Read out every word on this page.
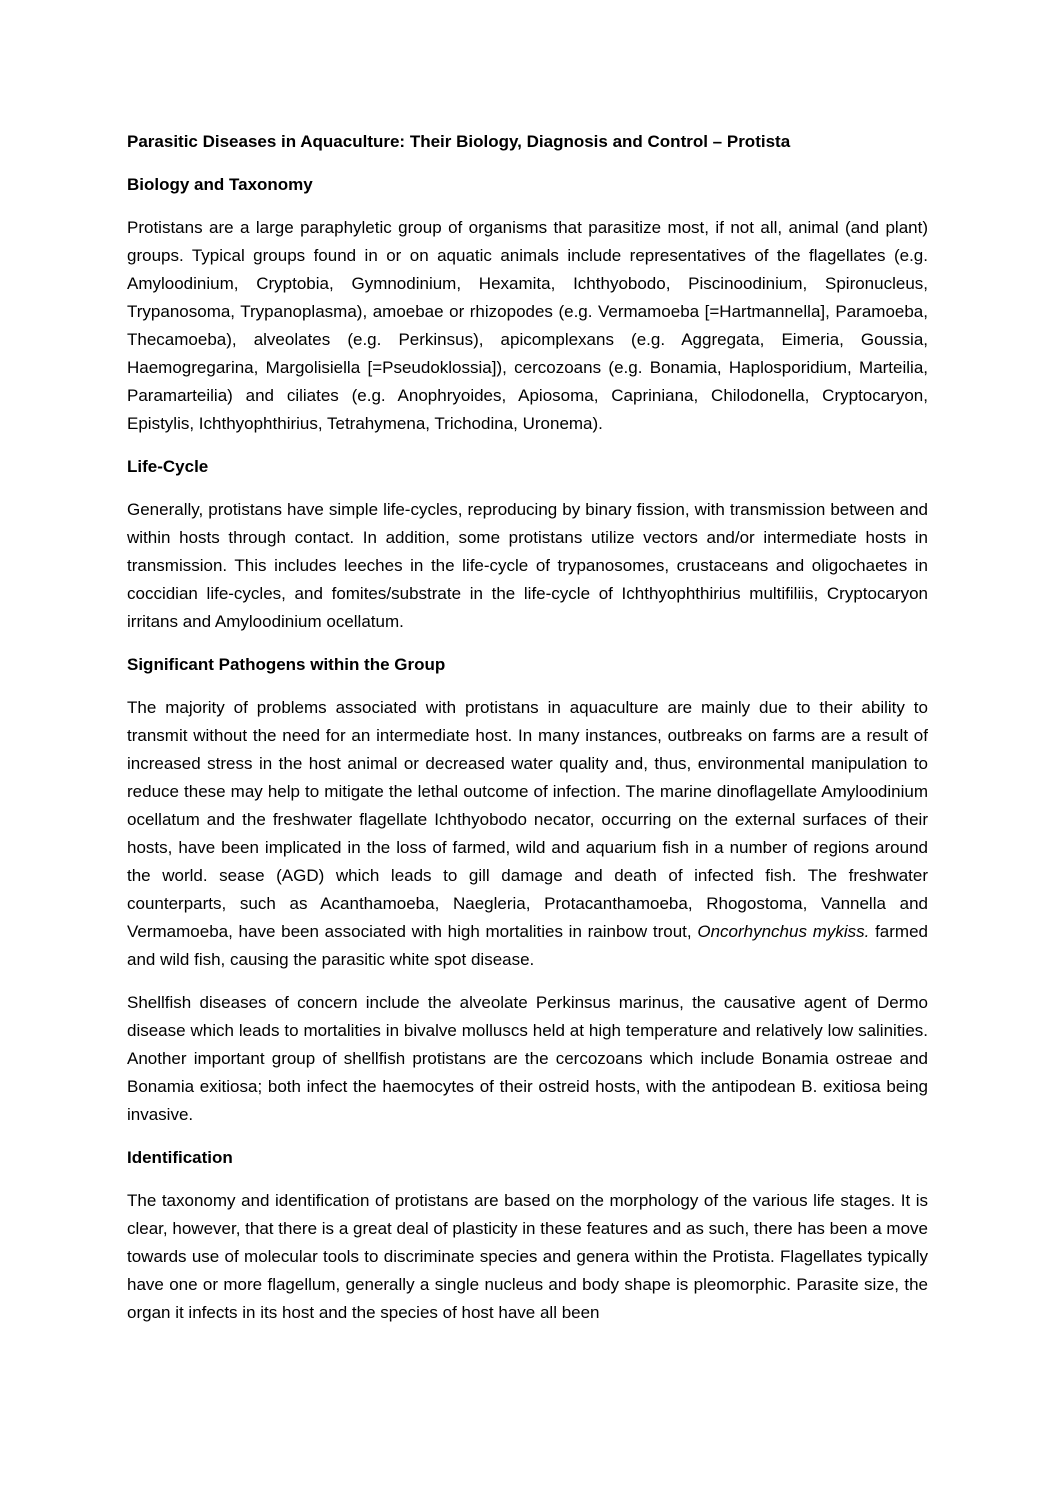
Parasitic Diseases in Aquaculture: Their Biology, Diagnosis and Control – Protista
Biology and Taxonomy

Protistans are a large paraphyletic group of organisms that parasitize most, if not all, animal (and plant) groups. Typical groups found in or on aquatic animals include representatives of the flagellates (e.g. Amyloodinium, Cryptobia, Gymnodinium, Hexamita, Ichthyobodo, Piscinoodinium, Spironucleus, Trypanosoma, Trypanoplasma), amoebae or rhizopodes (e.g. Vermamoeba [=Hartmannella], Paramoeba, Thecamoeba), alveolates (e.g. Perkinsus), apicomplexans (e.g. Aggregata, Eimeria, Goussia, Haemogregarina, Margolisiella [=Pseudoklossia]), cercozoans (e.g. Bonamia, Haplosporidium, Marteilia, Paramarteilia) and ciliates (e.g. Anophryoides, Apiosoma, Capriniana, Chilodonella, Cryptocaryon, Epistylis, Ichthyophthirius, Tetrahymena, Trichodina, Uronema).

Life-Cycle

Generally, protistans have simple life-cycles, reproducing by binary fission, with transmission between and within hosts through contact. In addition, some protistans utilize vectors and/or intermediate hosts in transmission. This includes leeches in the life-cycle of trypanosomes, crustaceans and oligochaetes in coccidian life-cycles, and fomites/substrate in the life-cycle of Ichthyophthirius multifiliis, Cryptocaryon irritans and Amyloodinium ocellatum.

Significant Pathogens within the Group

The majority of problems associated with protistans in aquaculture are mainly due to their ability to transmit without the need for an intermediate host. In many instances, outbreaks on farms are a result of increased stress in the host animal or decreased water quality and, thus, environmental manipulation to reduce these may help to mitigate the lethal outcome of infection. The marine dinoflagellate Amyloodinium ocellatum and the freshwater flagellate Ichthyobodo necator, occurring on the external surfaces of their hosts, have been implicated in the loss of farmed, wild and aquarium fish in a number of regions around the world. sease (AGD) which leads to gill damage and death of infected fish. The freshwater counterparts, such as Acanthamoeba, Naegleria, Protacanthamoeba, Rhogostoma, Vannella and Vermamoeba, have been associated with high mortalities in rainbow trout, Oncorhynchus mykiss. farmed and wild fish, causing the parasitic white spot disease.

Shellfish diseases of concern include the alveolate Perkinsus marinus, the causative agent of Dermo disease which leads to mortalities in bivalve molluscs held at high temperature and relatively low salinities. Another important group of shellfish protistans are the cercozoans which include Bonamia ostreae and Bonamia exitiosa; both infect the haemocytes of their ostreid hosts, with the antipodean B. exitiosa being invasive.

Identification

The taxonomy and identification of protistans are based on the morphology of the various life stages. It is clear, however, that there is a great deal of plasticity in these features and as such, there has been a move towards use of molecular tools to discriminate species and genera within the Protista. Flagellates typically have one or more flagellum, generally a single nucleus and body shape is pleomorphic. Parasite size, the organ it infects in its host and the species of host have all been
